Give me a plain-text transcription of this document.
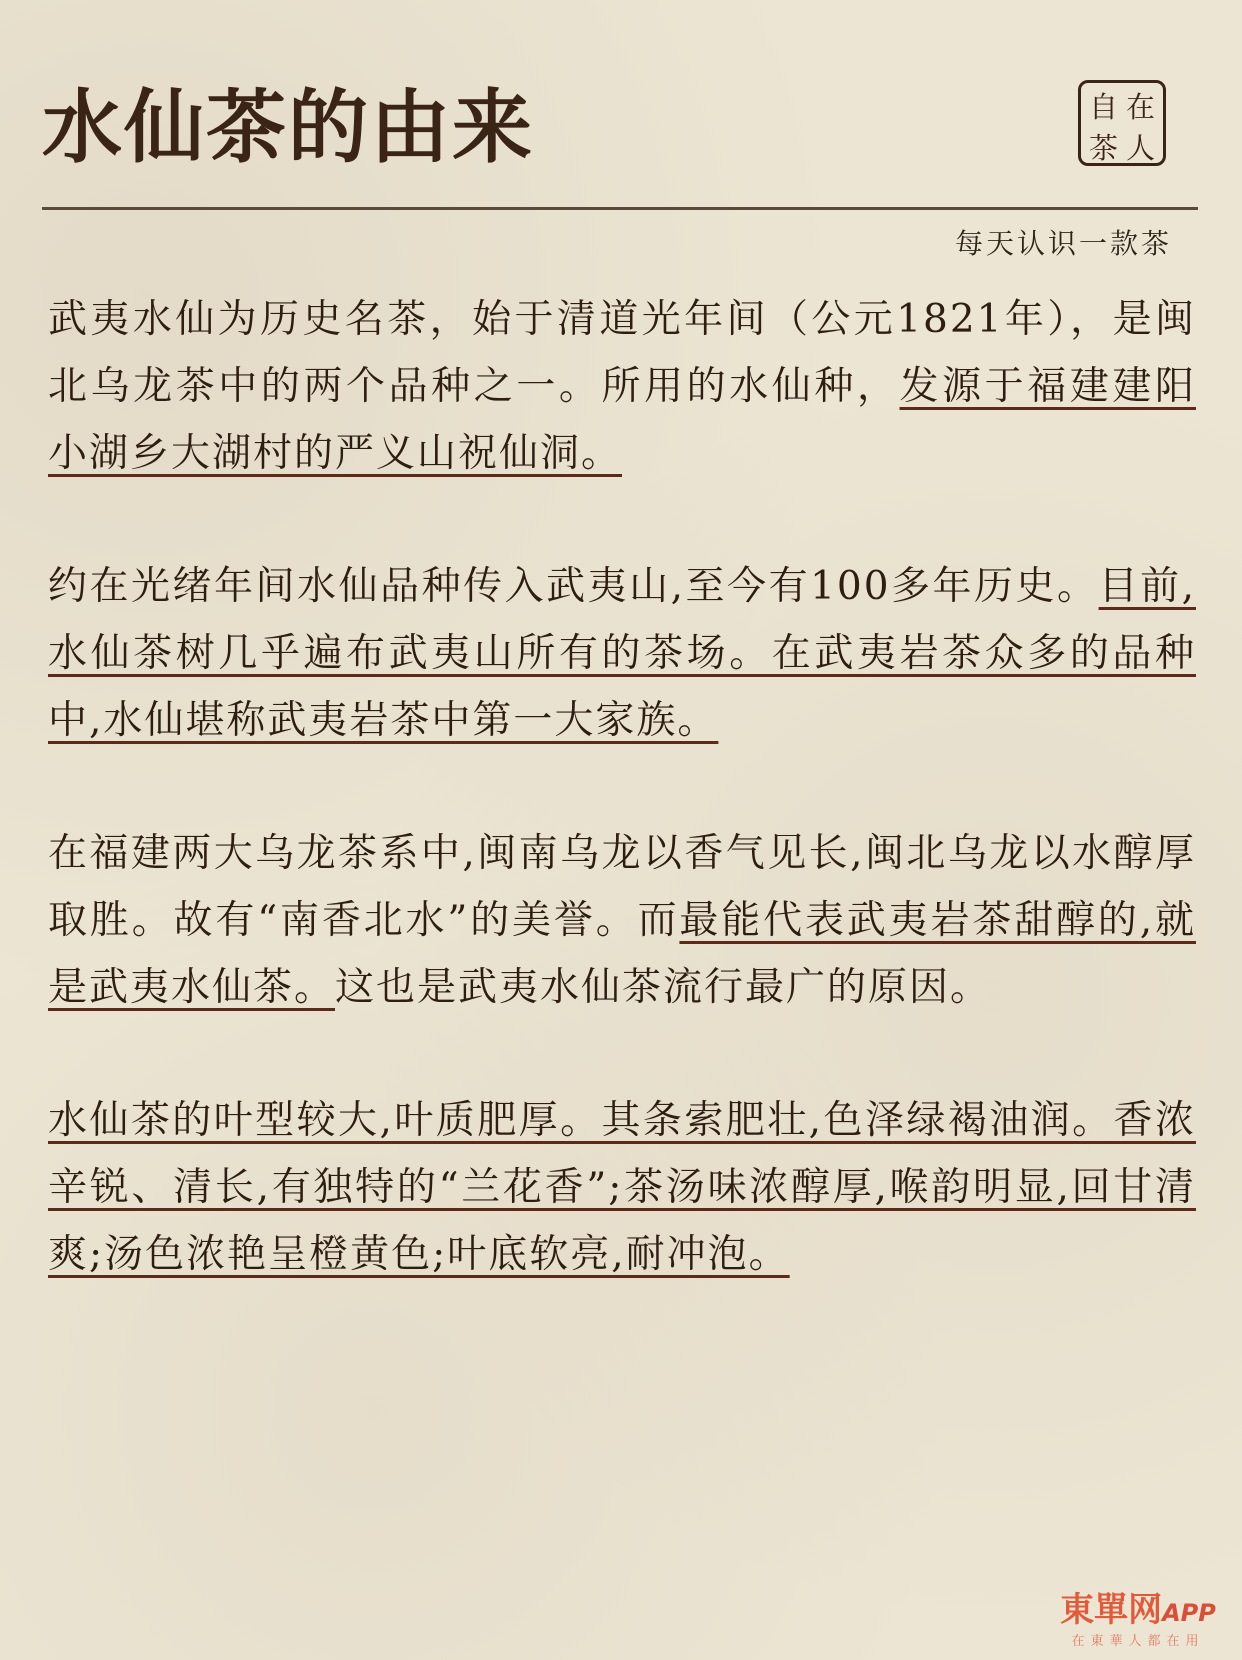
水仙茶的由来	自 在
茶 人
每天认识一款茶

武夷水仙为历史名茶，始于清道光年间（公元1821年），是闽北乌龙茶中的两个品种之一。所用的水仙种，发源于福建建阳小湖乡大湖村的严义山祝仙洞。

约在光绪年间水仙品种传入武夷山,至今有100多年历史。目前,水仙茶树几乎遍布武夷山所有的茶场。在武夷岩茶众多的品种中,水仙堪称武夷岩茶中第一大家族。

在福建两大乌龙茶系中,闽南乌龙以香气见长,闽北乌龙以水醇厚取胜。故有“南香北水”的美誉。而最能代表武夷岩茶甜醇的,就是武夷水仙茶。这也是武夷水仙茶流行最广的原因。

水仙茶的叶型较大,叶质肥厚。其条索肥壮,色泽绿褐油润。香浓辛锐、清长,有独特的“兰花香”;茶汤味浓醇厚,喉韵明显,回甘清爽;汤色浓艳呈橙黄色;叶底软亮,耐冲泡。

東單网APP
在東華人都在用
